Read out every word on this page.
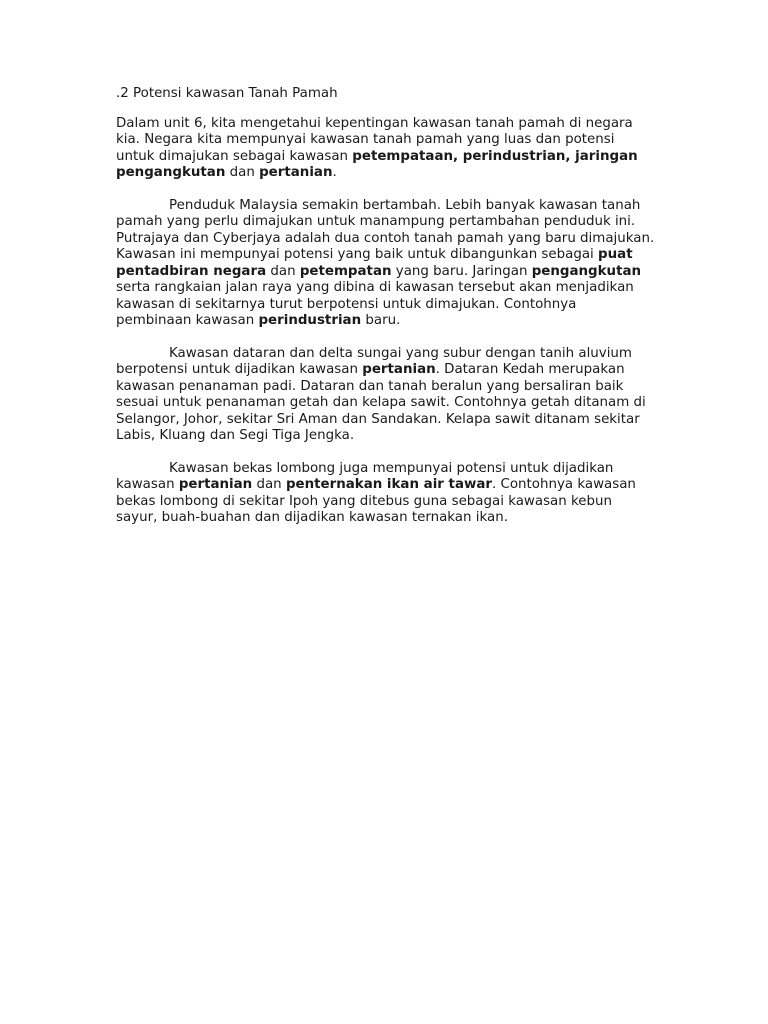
.2 Potensi kawasan Tanah Pamah

Dalam unit 6, kita mengetahui kepentingan kawasan tanah pamah di negara kia. Negara kita mempunyai kawasan tanah pamah yang luas dan potensi untuk dimajukan sebagai kawasan petempataan, perindustrian, jaringan pengangkutan dan pertanian.

Penduduk Malaysia semakin bertambah. Lebih banyak kawasan tanah pamah yang perlu dimajukan untuk manampung pertambahan penduduk ini. Putrajaya dan Cyberjaya adalah dua contoh tanah pamah yang baru dimajukan. Kawasan ini mempunyai potensi yang baik untuk dibangunkan sebagai puat pentadbiran negara dan petempatan yang baru. Jaringan pengangkutan serta rangkaian jalan raya yang dibina di kawasan tersebut akan menjadikan kawasan di sekitarnya turut berpotensi untuk dimajukan. Contohnya pembinaan kawasan perindustrian baru.

Kawasan dataran dan delta sungai yang subur dengan tanih aluvium berpotensi untuk dijadikan kawasan pertanian. Dataran Kedah merupakan kawasan penanaman padi. Dataran dan tanah beralun yang bersaliran baik sesuai untuk penanaman getah dan kelapa sawit. Contohnya getah ditanam di Selangor, Johor, sekitar Sri Aman dan Sandakan. Kelapa sawit ditanam sekitar Labis, Kluang dan Segi Tiga Jengka.

Kawasan bekas lombong juga mempunyai potensi untuk dijadikan kawasan pertanian dan penternakan ikan air tawar. Contohnya kawasan bekas lombong di sekitar Ipoh yang ditebus guna sebagai kawasan kebun sayur, buah-buahan dan dijadikan kawasan ternakan ikan.
